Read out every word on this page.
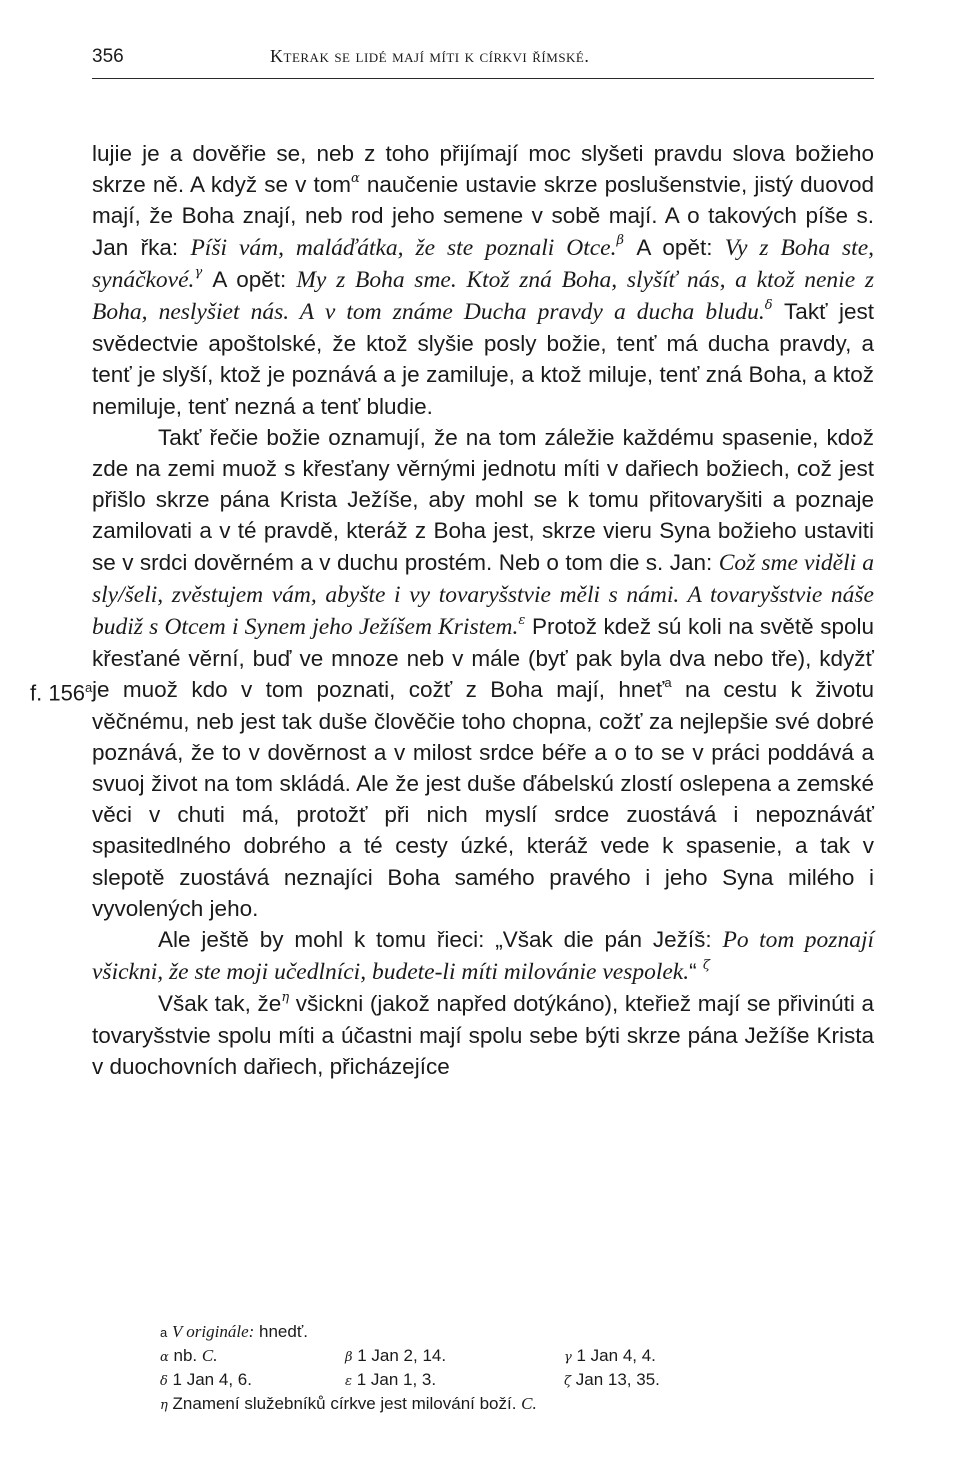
356	Kterak se lidé mají míti k církvi římské.
f. 156$^a$

lujie je a dověřie se, neb z toho přijímají moc slyšeti pravdu slova božieho skrze ně. A když se v tom$^\alpha$ naučenie ustavie skrze poslušenstvie, jistý duovod mají, že Boha znají, neb rod jeho semene v sobě mají. A o takových píše s. Jan řka: Píši vám, maláďátka, že ste poznali Otce.$^\beta$ A opět: Vy z Boha ste, synáčkové.$^\gamma$ A opět: My z Boha sme. Ktož zná Boha, slyšíť nás, a ktož nenie z Boha, neslyšiet nás. A v tom známe Ducha pravdy a ducha bludu.$^\delta$ Takť jest svědectvie apoštolské, že ktož slyšie posly božie, tenť má ducha pravdy, a tenť je slyší, ktož je poznává a je zamiluje, a ktož miluje, tenť zná Boha, a ktož nemiluje, tenť nezná a tenť bludie.

Takť řečie božie oznamují, že na tom záležie každému spasenie, kdož zde na zemi muož s křesťany věrnými jednotu míti v dařiech božiech, což jest přišlo skrze pána Krista Ježíše, aby mohl se k tomu přitovaryšiti a poznaje zamilovati a v té pravdě, kteráž z Boha jest, skrze vieru Syna božieho ustaviti se v srdci dověrném a v duchu prostém. Neb o tom die s. Jan: Což sme viděli a sly/šeli, zvěstujem vám, abyšte i vy tovaryšstvie měli s námi. A tovaryšstvie náše budiž s Otcem i Synem jeho Ježíšem Kristem.$^\varepsilon$ Protož kdež sú koli na světě spolu křesťané věrní, buď ve mnoze neb v mále (byť pak byla dva nebo tře), kdyžť je muož kdo v tom poznati, cožť z Boha mají, hneť$^a$ na cestu k životu věčnému, neb jest tak duše člověčie toho chopna, cožť za nejlepšie své dobré poznává, že to v dověrnost a v milost srdce béře a o to se v práci poddává a svuoj život na tom skládá. Ale že jest duše ďábelskú zlostí oslepena a zemské věci v chuti má, protožť při nich myslí srdce zuostává i nepoznáváť spasitedlného dobrého a té cesty úzké, kteráž vede k spasenie, a tak v slepotě zuostává neznajíci Boha samého pravého i jeho Syna milého i vyvolených jeho.

Ale ještě by mohl k tomu řieci: „Však die pán Ježíš: Po tom poznají všickni, že ste moji učedlníci, budete-li míti milovánie vespolek.“ $^\zeta$

Však tak, $že^\eta$ všickni (jakož napřed dotýkáno), kteřiež mají se přivinúti a tovaryšstvie spolu míti a účastni mají spolu sebe býti skrze pána Ježíše Krista v duochovních dařiech, přicházejíce

a V originále: hnedť.
α nb. C.	β 1 Jan 2, 14.	γ 1 Jan 4, 4.
δ 1 Jan 4, 6.	ε 1 Jan 1, 3.	ζ Jan 13, 35.
η Znamení služebníků církve jest milování boží. C.
